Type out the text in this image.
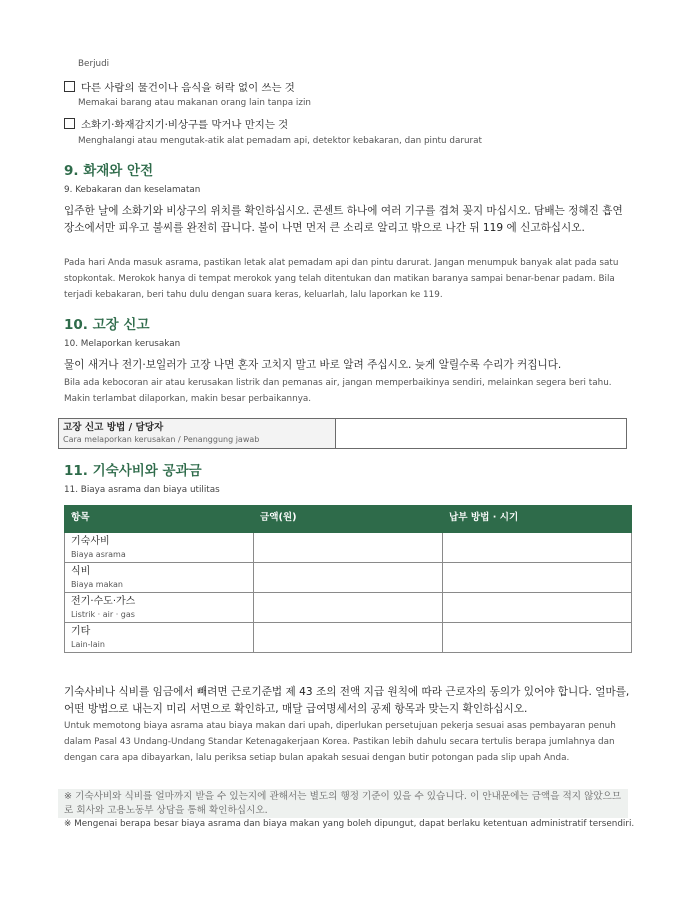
Berjudi
다른 사람의 물건이나 음식을 허락 없이 쓰는 것
Memakai barang atau makanan orang lain tanpa izin
소화기·화재감지기·비상구를 막거나 만지는 것
Menghalangi atau mengutak-atik alat pemadam api, detektor kebakaran, dan pintu darurat
9. 화재와 안전
9. Kebakaran dan keselamatan
입주한 날에 소화기와 비상구의 위치를 확인하십시오. 콘센트 하나에 여러 기구를 겹쳐 꽂지 마십시오. 담배는 정해진 흡연 장소에서만 피우고 불씨를 완전히 끕니다. 불이 나면 먼저 큰 소리로 알리고 밖으로 나간 뒤 119 에 신고하십시오.
Pada hari Anda masuk asrama, pastikan letak alat pemadam api dan pintu darurat. Jangan menumpuk banyak alat pada satu stopkontak. Merokok hanya di tempat merokok yang telah ditentukan dan matikan baranya sampai benar-benar padam. Bila terjadi kebakaran, beri tahu dulu dengan suara keras, keluarlah, lalu laporkan ke 119.
10. 고장 신고
10. Melaporkan kerusakan
물이 새거나 전기·보일러가 고장 나면 혼자 고치지 말고 바로 알려 주십시오. 늦게 알릴수록 수리가 커집니다.
Bila ada kebocoran air atau kerusakan listrik dan pemanas air, jangan memperbaikinya sendiri, melainkan segera beri tahu. Makin terlambat dilaporkan, makin besar perbaikannya.
고장 신고 방법 / 담당자
Cara melaporkan kerusakan / Penanggung jawab
11. 기숙사비와 공과금
11. Biaya asrama dan biaya utilitas
항목	금액(원)	납부 방법 · 시기

기숙사비
Biaya asrama		

식비
Biaya makan		

전기·수도·가스
Listrik · air · gas		

기타
Lain-lain		

기숙사비나 식비를 임금에서 빼려면 근로기준법 제 43 조의 전액 지급 원칙에 따라 근로자의 동의가 있어야 합니다. 얼마를, 어떤 방법으로 내는지 미리 서면으로 확인하고, 매달 급여명세서의 공제 항목과 맞는지 확인하십시오.
Untuk memotong biaya asrama atau biaya makan dari upah, diperlukan persetujuan pekerja sesuai asas pembayaran penuh dalam Pasal 43 Undang-Undang Standar Ketenagakerjaan Korea. Pastikan lebih dahulu secara tertulis berapa jumlahnya dan dengan cara apa dibayarkan, lalu periksa setiap bulan apakah sesuai dengan butir potongan pada slip upah Anda.
※ 기숙사비와 식비를 얼마까지 받을 수 있는지에 관해서는 별도의 행정 기준이 있을 수 있습니다. 이 안내문에는 금액을 적지 않았으므로 회사와 고용노동부 상담을 통해 확인하십시오.
※ Mengenai berapa besar biaya asrama dan biaya makan yang boleh dipungut, dapat berlaku ketentuan administratif tersendiri.
